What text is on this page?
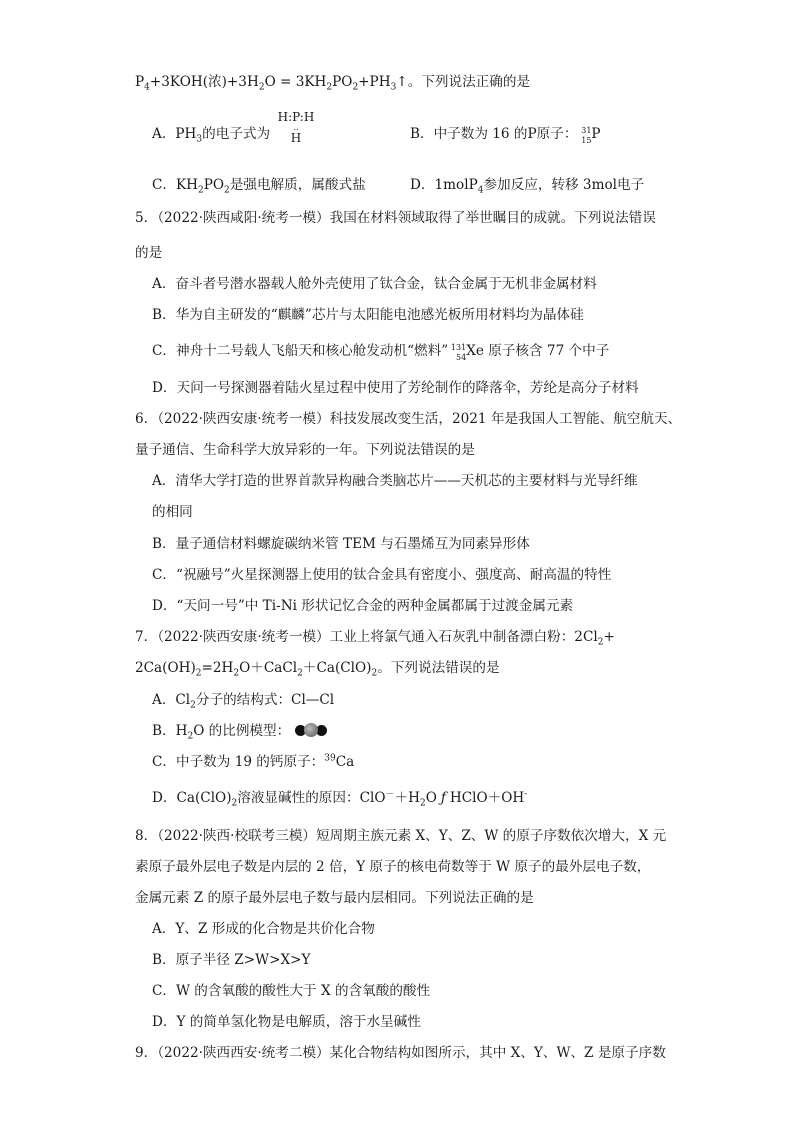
$P_4+3KOH$(浓)$+3H_2O$ = $3KH_2PO_2+PH_3↑$。下列说法正确的是
A．$PH_3$的电子式为
H:P:H
..
H	B．中子数为 16 的P原子： 31
15 P
C．$KH_2PO_2$是强电解质，属酸式盐	D．1molP$_4$参加反应，转移 3mol电子
5．（2022·陕西咸阳·统考一模）我国在材料领域取得了举世瞩目的成就。下列说法错误
的是
A．奋斗者号潜水器载人舱外壳使用了钛合金，钛合金属于无机非金属材料
B．华为自主研发的“麒麟”芯片与太阳能电池感光板所用材料均为晶体硅
C．神舟十二号载人飞船天和核心舱发动机“燃料” 131
54 Xe 原子核含 77 个中子
D．天问一号探测器着陆火星过程中使用了芳纶制作的降落伞，芳纶是高分子材料
6．（2022·陕西安康·统考一模）科技发展改变生活，2021 年是我国人工智能、航空航天、
量子通信、生命科学大放异彩的一年。下列说法错误的是
A．清华大学打造的世界首款异构融合类脑芯片——天机芯的主要材料与光导纤维
的相同
B．量子通信材料螺旋碳纳米管 TEM 与石墨烯互为同素异形体
C．“祝融号”火星探测器上使用的钛合金具有密度小、强度高、耐高温的特性
D．“天问一号”中 Ti-Ni 形状记忆合金的两种金属都属于过渡金属元素
7．（2022·陕西安康·统考一模）工业上将氯气通入石灰乳中制备漂白粉：$2Cl_2+$
$2Ca(OH)_2=2H_2O+CaCl_2+Ca(ClO)_2$。下列说法错误的是
A．$Cl_2$分子的结构式：Cl—Cl
B．$H_2O$ 的比例模型：
C．中子数为 19 的钙原子：$^{39}$Ca
D．$Ca(ClO)_2$溶液显碱性的原因：$ClO^-+H_2O$ ƒ HClO＋OH-
8．（2022·陕西·校联考三模）短周期主族元素 X、Y、Z、W 的原子序数依次增大，X 元
素原子最外层电子数是内层的 2 倍，Y 原子的核电荷数等于 W 原子的最外层电子数，
金属元素 Z 的原子最外层电子数与最内层相同。下列说法正确的是
A．Y、Z 形成的化合物是共价化合物
B．原子半径 Z>W>X>Y
C．W 的含氧酸的酸性大于 X 的含氧酸的酸性
D．Y 的简单氢化物是电解质，溶于水呈碱性
9．（2022·陕西西安·统考二模）某化合物结构如图所示，其中 X、Y、W、Z 是原子序数
